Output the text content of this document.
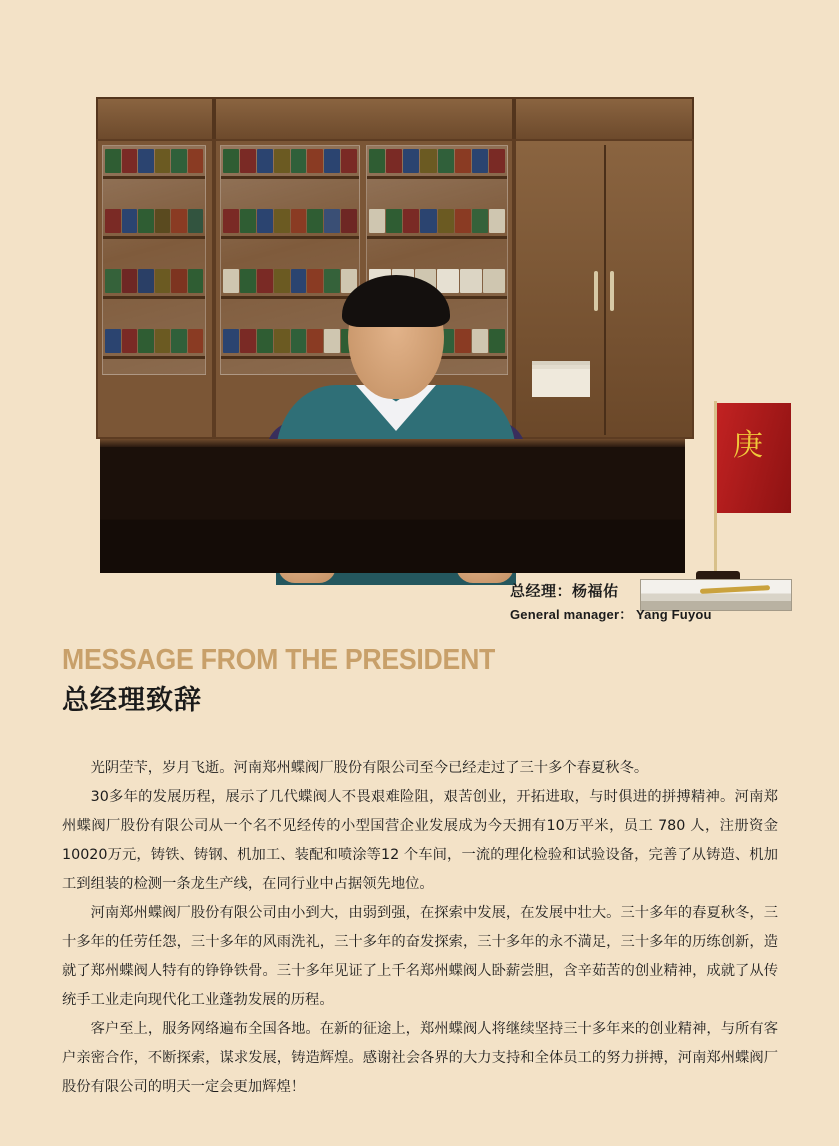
庚
总经理：杨福佑
General manager： Yang Fuyou
MESSAGE FROM THE PRESIDENT
总经理致辞

光阴茔苄，岁月飞逝。河南郑州蝶阀厂股份有限公司至今已经走过了三十多个春夏秋冬。

30多年的发展历程，展示了几代蝶阀人不畏艰难险阻，艰苦创业，开拓进取，与时俱进的拼搏精神。河南郑州蝶阀厂股份有限公司从一个名不见经传的小型国营企业发展成为今天拥有10万平米，员工 780 人，注册资金10020万元，铸铁、铸钢、机加工、装配和喷涂等12 个车间，一流的理化检验和试验设备，完善了从铸造、机加工到组装的检测一条龙生产线，在同行业中占据领先地位。

河南郑州蝶阀厂股份有限公司由小到大，由弱到强，在探索中发展，在发展中壮大。三十多年的春夏秋冬，三十多年的任劳任怨，三十多年的风雨洗礼，三十多年的奋发探索，三十多年的永不満足，三十多年的历练创新，造就了郑州蝶阀人特有的铮铮铁骨。三十多年见证了上千名郑州蝶阀人卧薪尝胆，含辛茹苦的创业精神，成就了从传统手工业走向现代化工业蓬勃发展的历程。

客户至上，服务网络遍布全国各地。在新的征途上，郑州蝶阀人将继续坚持三十多年来的创业精神，与所有客户亲密合作，不断探索，谋求发展，铸造辉煌。感谢社会各界的大力支持和全体员工的努力拼搏，河南郑州蝶阀厂股份有限公司的明天一定会更加辉煌！
